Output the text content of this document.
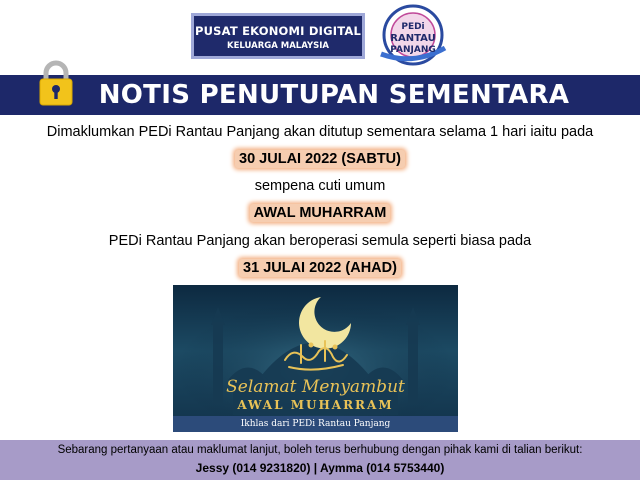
PUSAT EKONOMI DIGITAL
KELUARGA MALAYSIA
PEDi
RANTAU
PANJANG
NOTIS PENUTUPAN SEMENTARA
Dimaklumkan PEDi Rantau Panjang akan ditutup sementara selama 1 hari iaitu pada
30 JULAI 2022 (SABTU)
sempena cuti umum
AWAL MUHARRAM
PEDi Rantau Panjang akan beroperasi semula seperti biasa pada
31 JULAI 2022 (AHAD)
Selamat Menyambut
AWAL MUHARRAM
Ikhlas dari PEDi Rantau Panjang
Sebarang pertanyaan atau maklumat lanjut, boleh terus berhubung dengan pihak kami di talian berikut:
Jessy (014 9231820) | Aymma (014 5753440)
